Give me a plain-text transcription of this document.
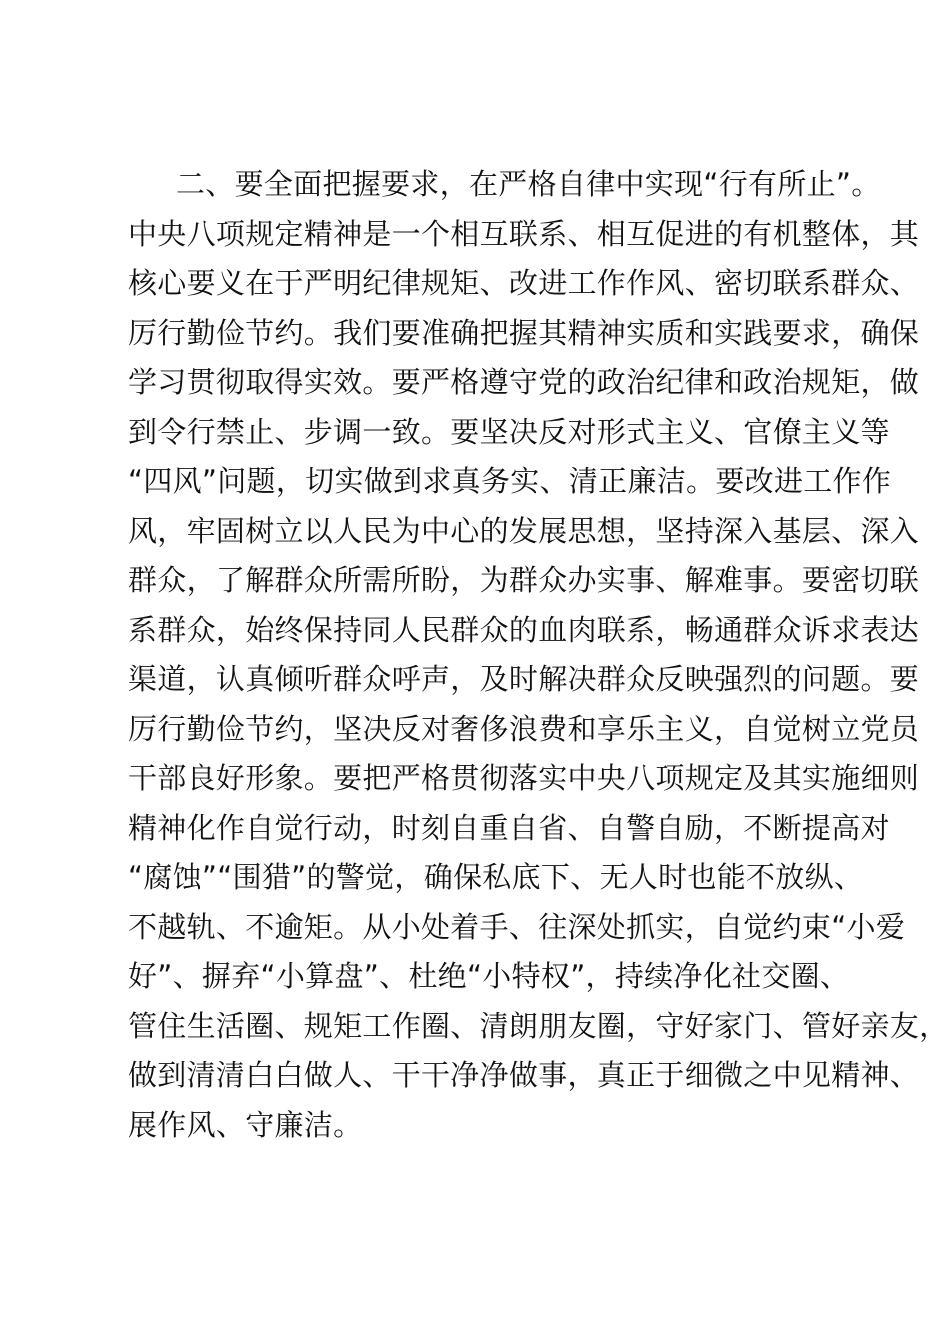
二、要全面把握要求，在严格自律中实现“行有所止”。
中央八项规定精神是一个相互联系、相互促进的有机整体，其
核心要义在于严明纪律规矩、改进工作作风、密切联系群众、
厉行勤俭节约。我们要准确把握其精神实质和实践要求，确保
学习贯彻取得实效。要严格遵守党的政治纪律和政治规矩，做
到令行禁止、步调一致。要坚决反对形式主义、官僚主义等
“四风”问题，切实做到求真务实、清正廉洁。要改进工作作
风，牢固树立以人民为中心的发展思想，坚持深入基层、深入
群众，了解群众所需所盼，为群众办实事、解难事。要密切联
系群众，始终保持同人民群众的血肉联系，畅通群众诉求表达
渠道，认真倾听群众呼声，及时解决群众反映强烈的问题。要
厉行勤俭节约，坚决反对奢侈浪费和享乐主义，自觉树立党员
干部良好形象。要把严格贯彻落实中央八项规定及其实施细则
精神化作自觉行动，时刻自重自省、自警自励，不断提高对
“腐蚀”“围猎”的警觉，确保私底下、无人时也能不放纵、
不越轨、不逾矩。从小处着手、往深处抓实，自觉约束“小爱
好”、摒弃“小算盘”、杜绝“小特权”，持续净化社交圈、
管住生活圈、规矩工作圈、清朗朋友圈，守好家门、管好亲友，
做到清清白白做人、干干净净做事，真正于细微之中见精神、
展作风、守廉洁。
